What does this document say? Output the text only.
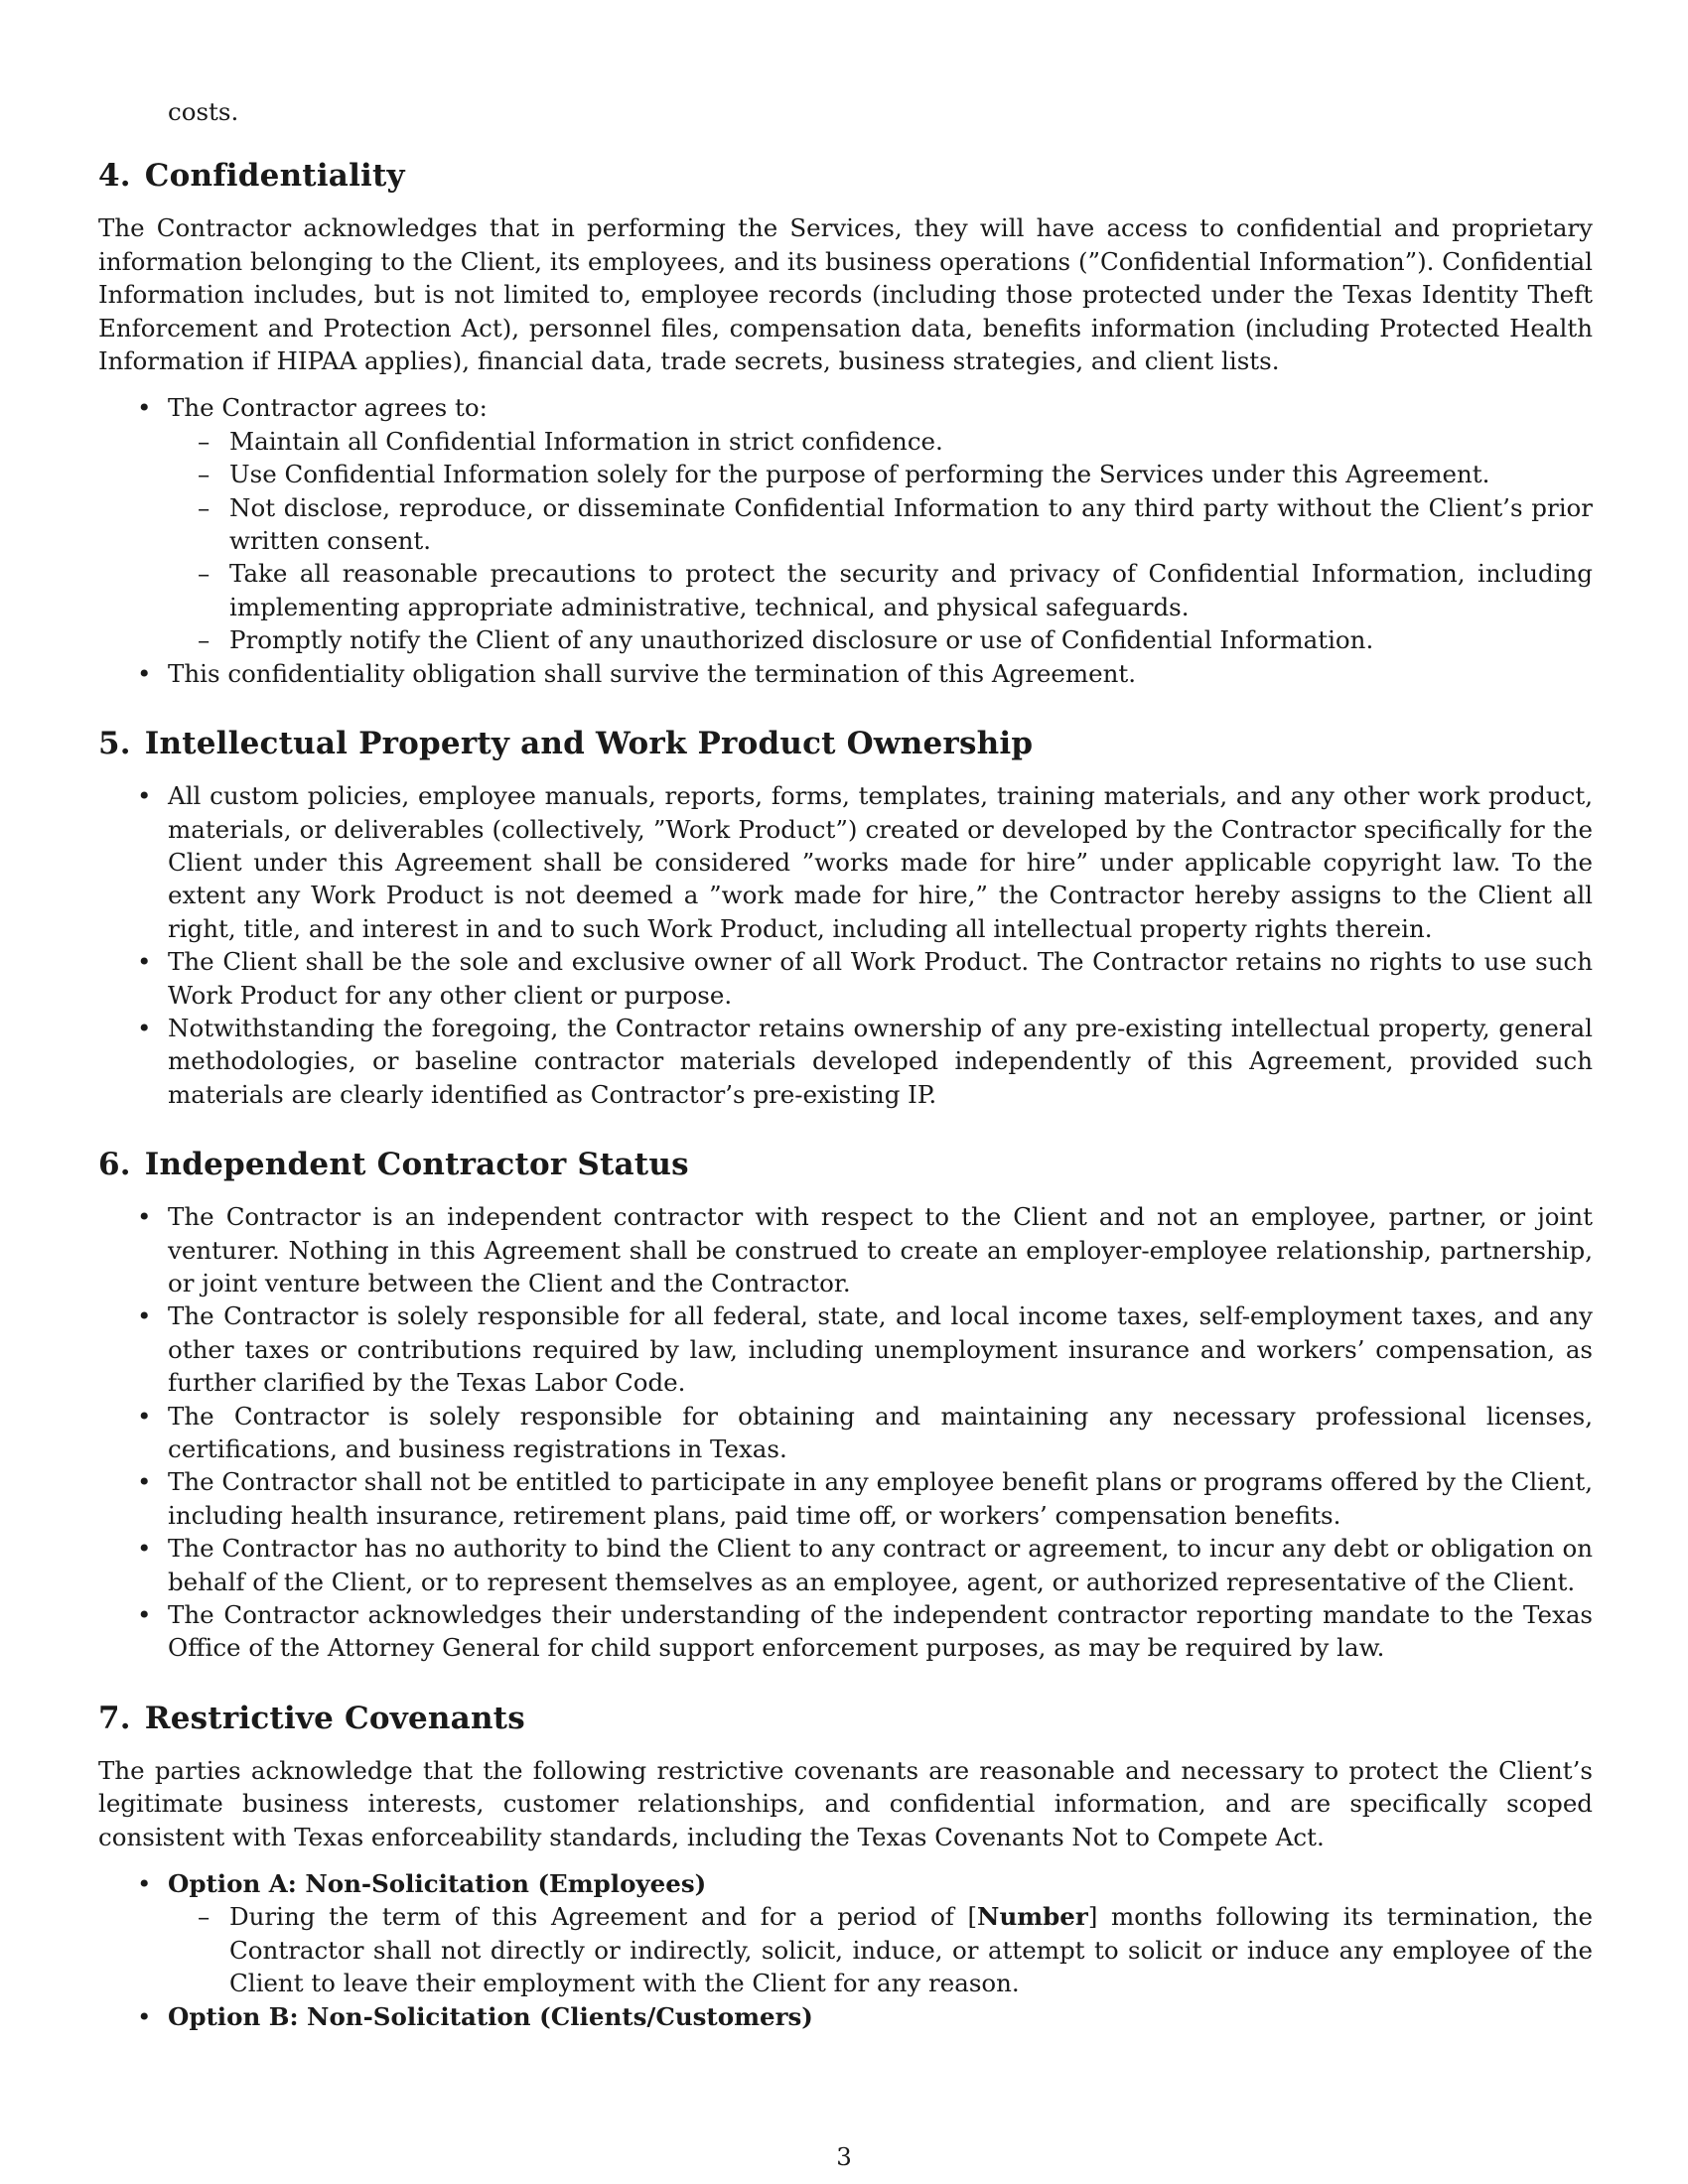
costs.
4. Confidentiality

The Contractor acknowledges that in performing the Services, they will have access to confidential and proprietary information belonging to the Client, its employees, and its business operations (”Confidential Information”). Confidential Information includes, but is not limited to, employee records (including those protected under the Texas Identity Theft Enforcement and Protection Act), personnel files, compensation data, benefits information (including Protected Health Information if HIPAA applies), financial data, trade secrets, business strategies, and client lists.

• The Contractor agrees to:
– Maintain all Confidential Information in strict confidence.
– Use Confidential Information solely for the purpose of performing the Services under this Agreement.
– Not disclose, reproduce, or disseminate Confidential Information to any third party without the Client’s prior written consent.
– Take all reasonable precautions to protect the security and privacy of Confidential Information, including implementing appropriate administrative, technical, and physical safeguards.
– Promptly notify the Client of any unauthorized disclosure or use of Confidential Information.
• This confidentiality obligation shall survive the termination of this Agreement.
5. Intellectual Property and Work Product Ownership
• All custom policies, employee manuals, reports, forms, templates, training materials, and any other work product, materials, or deliverables (collectively, ”Work Product”) created or developed by the Contractor specifically for the Client under this Agreement shall be considered ”works made for hire” under applicable copyright law. To the extent any Work Product is not deemed a ”work made for hire,” the Contractor hereby assigns to the Client all right, title, and interest in and to such Work Product, including all intellectual property rights therein.
• The Client shall be the sole and exclusive owner of all Work Product. The Contractor retains no rights to use such Work Product for any other client or purpose.
• Notwithstanding the foregoing, the Contractor retains ownership of any pre-existing intellectual property, general methodologies, or baseline contractor materials developed independently of this Agreement, provided such materials are clearly identified as Contractor’s pre-existing IP.
6. Independent Contractor Status
• The Contractor is an independent contractor with respect to the Client and not an employee, partner, or joint venturer. Nothing in this Agreement shall be construed to create an employer-employee relationship, partnership, or joint venture between the Client and the Contractor.
• The Contractor is solely responsible for all federal, state, and local income taxes, self-employment taxes, and any other taxes or contributions required by law, including unemployment insurance and workers’ compensation, as further clarified by the Texas Labor Code.
• The Contractor is solely responsible for obtaining and maintaining any necessary professional licenses, certifications, and business registrations in Texas.
• The Contractor shall not be entitled to participate in any employee benefit plans or programs offered by the Client, including health insurance, retirement plans, paid time off, or workers’ compensation benefits.
• The Contractor has no authority to bind the Client to any contract or agreement, to incur any debt or obligation on behalf of the Client, or to represent themselves as an employee, agent, or authorized representative of the Client.
• The Contractor acknowledges their understanding of the independent contractor reporting mandate to the Texas Office of the Attorney General for child support enforcement purposes, as may be required by law.
7. Restrictive Covenants

The parties acknowledge that the following restrictive covenants are reasonable and necessary to protect the Client’s legitimate business interests, customer relationships, and confidential information, and are specifically scoped consistent with Texas enforceability standards, including the Texas Covenants Not to Compete Act.

• Option A: Non-Solicitation (Employees)
– During the term of this Agreement and for a period of [Number] months following its termination, the Contractor shall not directly or indirectly, solicit, induce, or attempt to solicit or induce any employee of the Client to leave their employment with the Client for any reason.
• Option B: Non-Solicitation (Clients/Customers)
3
